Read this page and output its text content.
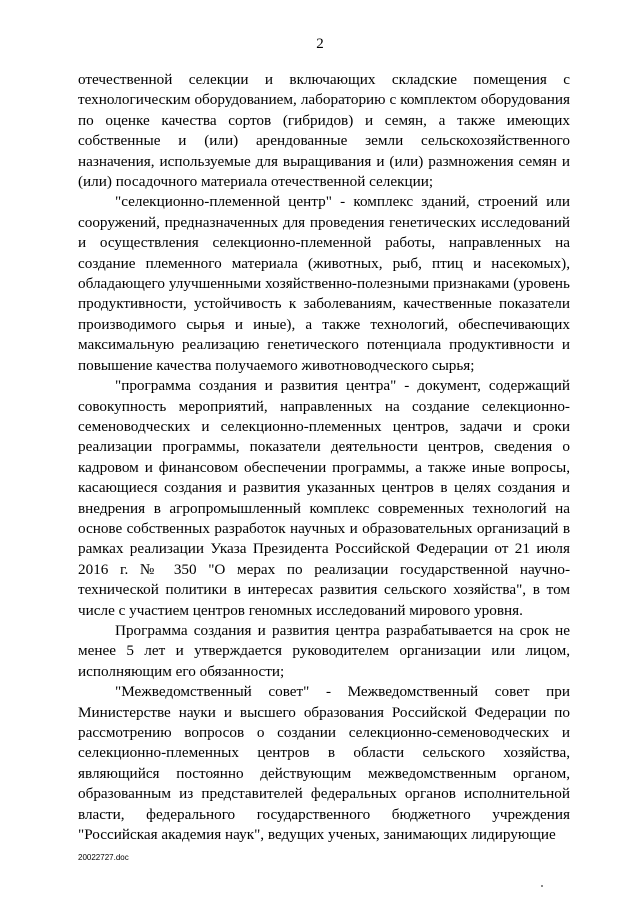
2

отечественной селекции и включающих складские помещения с технологическим оборудованием, лабораторию с комплектом оборудования по оценке качества сортов (гибридов) и семян, а также имеющих собственные и (или) арендованные земли сельскохозяйственного назначения, используемые для выращивания и (или) размножения семян и (или) посадочного материала отечественной селекции;

"селекционно-племенной центр" - комплекс зданий, строений или сооружений, предназначенных для проведения генетических исследований и осуществления селекционно-племенной работы, направленных на создание племенного материала (животных, рыб, птиц и насекомых), обладающего улучшенными хозяйственно-полезными признаками (уровень продуктивности, устойчивость к заболеваниям, качественные показатели производимого сырья и иные), а также технологий, обеспечивающих максимальную реализацию генетического потенциала продуктивности и повышение качества получаемого животноводческого сырья;

"программа создания и развития центра" - документ, содержащий совокупность мероприятий, направленных на создание селекционно-семеноводческих и селекционно-племенных центров, задачи и сроки реализации программы, показатели деятельности центров, сведения о кадровом и финансовом обеспечении программы, а также иные вопросы, касающиеся создания и развития указанных центров в целях создания и внедрения в агропромышленный комплекс современных технологий на основе собственных разработок научных и образовательных организаций в рамках реализации Указа Президента Российской Федерации от 21 июля 2016 г. № 350 "О мерах по реализации государственной научно-технической политики в интересах развития сельского хозяйства", в том числе с участием центров геномных исследований мирового уровня.

Программа создания и развития центра разрабатывается на срок не менее 5 лет и утверждается руководителем организации или лицом, исполняющим его обязанности;

"Межведомственный совет" - Межведомственный совет при Министерстве науки и высшего образования Российской Федерации по рассмотрению вопросов о создании селекционно-семеноводческих и селекционно-племенных центров в области сельского хозяйства, являющийся постоянно действующим межведомственным органом, образованным из представителей федеральных органов исполнительной власти, федерального государственного бюджетного учреждения "Российская академия наук", ведущих ученых, занимающих лидирующие

20022727.doc
